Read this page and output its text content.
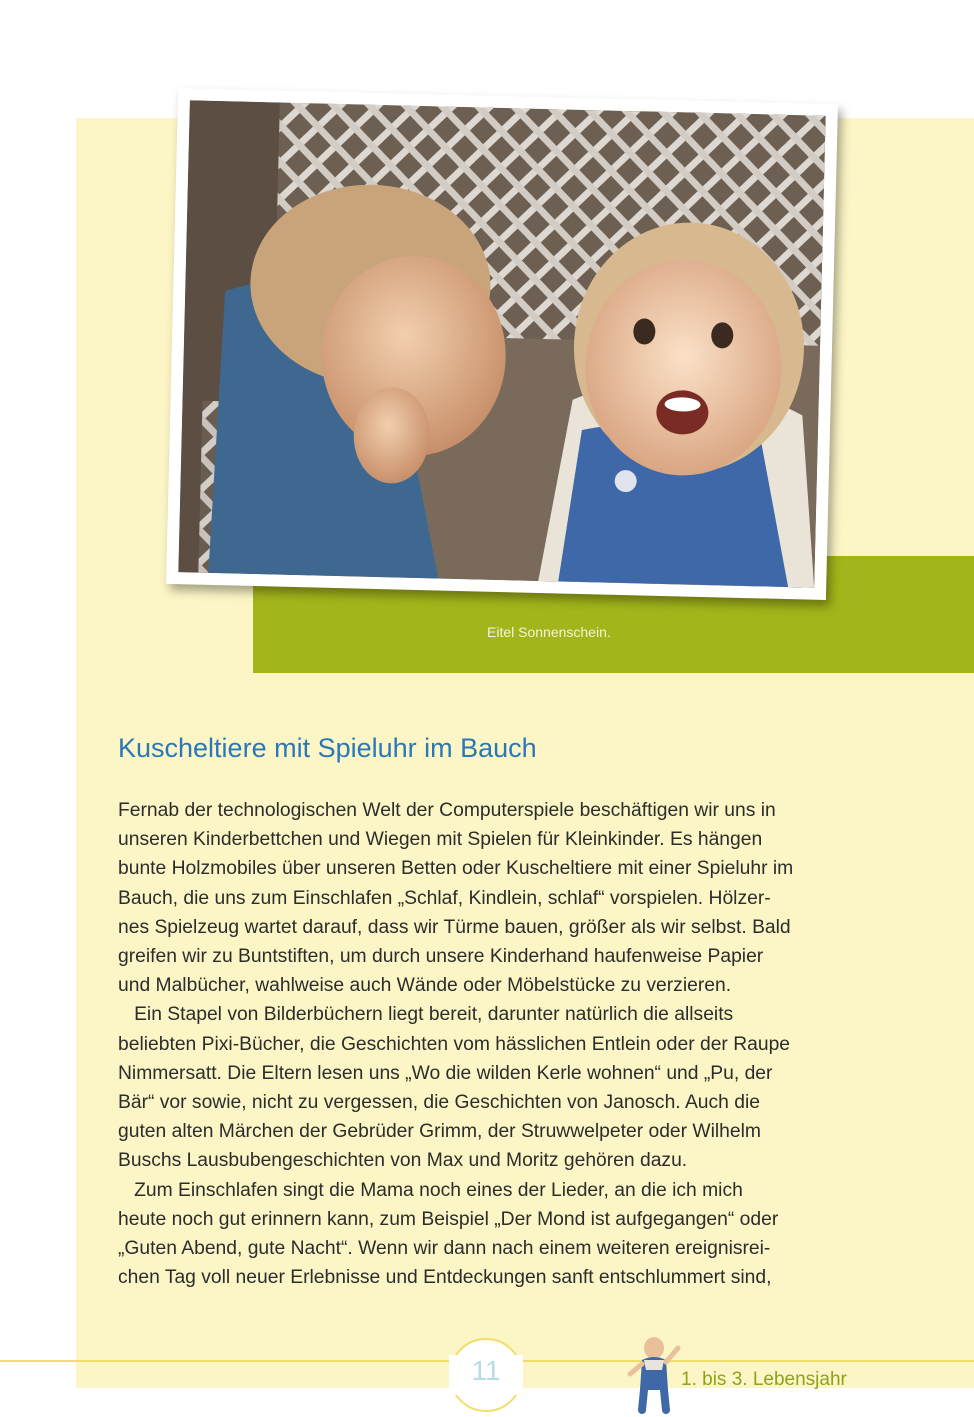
Eitel Sonnenschein.

Kuscheltiere mit Spieluhr im Bauch
Fernab der technologischen Welt der Computerspiele beschäftigen wir uns in
unseren Kinderbettchen und Wiegen mit Spielen für Kleinkinder. Es hängen
bunte Holzmobiles über unseren Betten oder Kuscheltiere mit einer Spieluhr im
Bauch, die uns zum Einschlafen „Schlaf, Kindlein, schlaf“ vorspielen. Hölzer-
nes Spielzeug wartet darauf, dass wir Türme bauen, größer als wir selbst. Bald
greifen wir zu Buntstiften, um durch unsere Kinderhand haufenweise Papier
und Malbücher, wahlweise auch Wände oder Möbelstücke zu verzieren.
Ein Stapel von Bilderbüchern liegt bereit, darunter natürlich die allseits
beliebten Pixi-Bücher, die Geschichten vom hässlichen Entlein oder der Raupe
Nimmersatt. Die Eltern lesen uns „Wo die wilden Kerle wohnen“ und „Pu, der
Bär“ vor sowie, nicht zu vergessen, die Geschichten von Janosch. Auch die
guten alten Märchen der Gebrüder Grimm, der Struwwelpeter oder Wilhelm
Buschs Lausbubengeschichten von Max und Moritz gehören dazu.
Zum Einschlafen singt die Mama noch eines der Lieder, an die ich mich
heute noch gut erinnern kann, zum Beispiel „Der Mond ist aufgegangen“ oder
„Guten Abend, gute Nacht“. Wenn wir dann nach einem weiteren ereignisrei-
chen Tag voll neuer Erlebnisse und Entdeckungen sanft entschlummert sind,
11	1. bis 3. Lebensjahr
